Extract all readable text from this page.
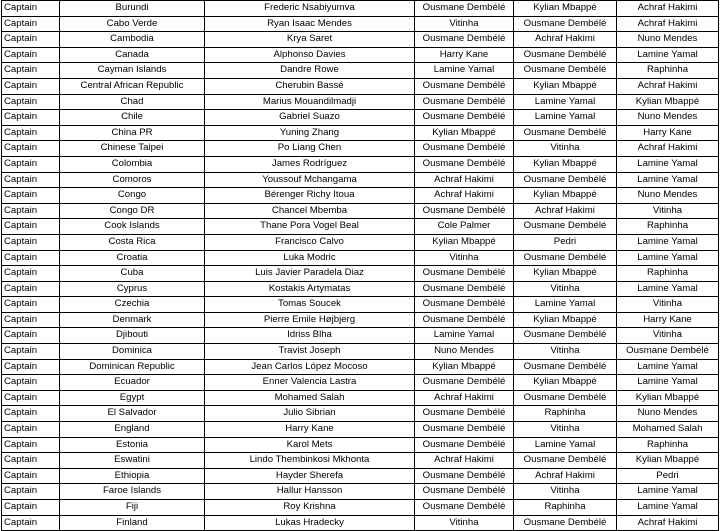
Captain	Burundi	Frederic Nsabiyumva	Ousmane Dembélé	Kylian Mbappé	Achraf Hakimi
Captain	Cabo Verde	Ryan Isaac Mendes	Vitinha	Ousmane Dembélé	Achraf Hakimi
Captain	Cambodia	Krya Saret	Ousmane Dembélé	Achraf Hakimi	Nuno Mendes
Captain	Canada	Alphonso Davies	Harry Kane	Ousmane Dembélé	Lamine Yamal
Captain	Cayman Islands	Dandre Rowe	Lamine Yamal	Ousmane Dembélé	Raphinha
Captain	Central African Republic	Cherubin Bassé	Ousmane Dembélé	Kylian Mbappé	Achraf Hakimi
Captain	Chad	Marius Mouandilmadji	Ousmane Dembélé	Lamine Yamal	Kylian Mbappé
Captain	Chile	Gabriel Suazo	Ousmane Dembélé	Lamine Yamal	Nuno Mendes
Captain	China PR	Yuning Zhang	Kylian Mbappé	Ousmane Dembélé	Harry Kane
Captain	Chinese Taipei	Po Liang Chen	Ousmane Dembélé	Vitinha	Achraf Hakimi
Captain	Colombia	James Rodríguez	Ousmane Dembélé	Kylian Mbappé	Lamine Yamal
Captain	Comoros	Youssouf Mchangama	Achraf Hakimi	Ousmane Dembélé	Lamine Yamal
Captain	Congo	Bérenger Richy Itoua	Achraf Hakimi	Kylian Mbappé	Nuno Mendes
Captain	Congo DR	Chancel Mbemba	Ousmane Dembélé	Achraf Hakimi	Vitinha
Captain	Cook Islands	Thane Pora Vogel Beal	Cole Palmer	Ousmane Dembélé	Raphinha
Captain	Costa Rica	Francisco Calvo	Kylian Mbappé	Pedri	Lamine Yamal
Captain	Croatia	Luka Modric	Vitinha	Ousmane Dembélé	Lamine Yamal
Captain	Cuba	Luis Javier Paradela Diaz	Ousmane Dembélé	Kylian Mbappé	Raphinha
Captain	Cyprus	Kostakis Artymatas	Ousmane Dembélé	Vitinha	Lamine Yamal
Captain	Czechia	Tomas Soucek	Ousmane Dembélé	Lamine Yamal	Vitinha
Captain	Denmark	Pierre Emile Højbjerg	Ousmane Dembélé	Kylian Mbappé	Harry Kane
Captain	Djibouti	Idriss Blha	Lamine Yamal	Ousmane Dembélé	Vitinha
Captain	Dominica	Travist Joseph	Nuno Mendes	Vitinha	Ousmane Dembélé
Captain	Dominican Republic	Jean Carlos López Mocoso	Kylian Mbappé	Ousmane Dembélé	Lamine Yamal
Captain	Ecuador	Enner Valencia Lastra	Ousmane Dembélé	Kylian Mbappé	Lamine Yamal
Captain	Egypt	Mohamed Salah	Achraf Hakimi	Ousmane Dembélé	Kylian Mbappé
Captain	El Salvador	Julio Sibrian	Ousmane Dembélé	Raphinha	Nuno Mendes
Captain	England	Harry Kane	Ousmane Dembélé	Vitinha	Mohamed Salah
Captain	Estonia	Karol Mets	Ousmane Dembélé	Lamine Yamal	Raphinha
Captain	Eswatini	Lindo Thembinkosi Mkhonta	Achraf Hakimi	Ousmane Dembélé	Kylian Mbappé
Captain	Ethiopia	Hayder Sherefa	Ousmane Dembélé	Achraf Hakimi	Pedri
Captain	Faroe Islands	Hallur Hansson	Ousmane Dembélé	Vitinha	Lamine Yamal
Captain	Fiji	Roy Krishna	Ousmane Dembélé	Raphinha	Lamine Yamal
Captain	Finland	Lukas Hradecky	Vitinha	Ousmane Dembélé	Achraf Hakimi
